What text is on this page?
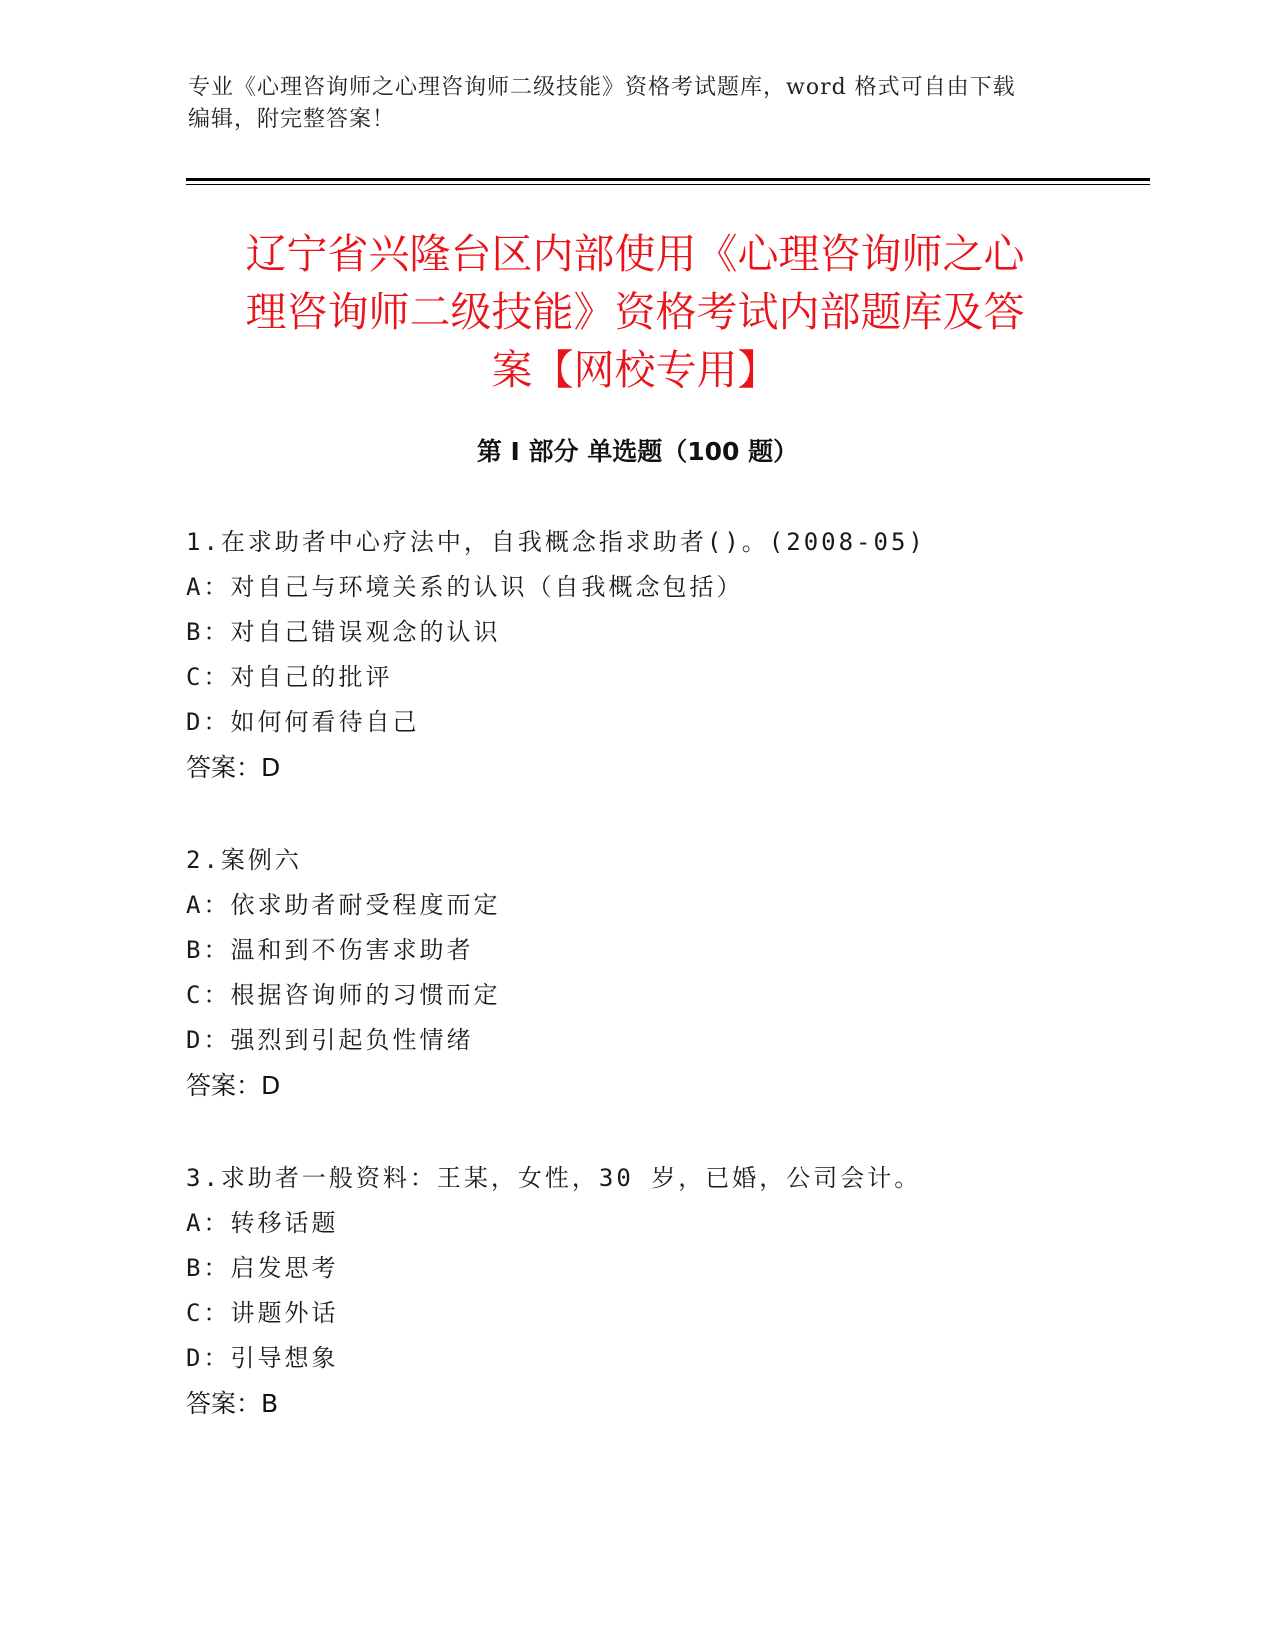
专业《心理咨询师之心理咨询师二级技能》资格考试题库，word 格式可自由下载
编辑，附完整答案！
辽宁省兴隆台区内部使用《心理咨询师之心
理咨询师二级技能》资格考试内部题库及答
案【网校专用】
第 I 部分 单选题（100 题）
1.在求助者中心疗法中，自我概念指求助者()。(2008-05)
A：对自己与环境关系的认识（自我概念包括）
B：对自己错误观念的认识
C：对自己的批评
D：如何何看待自己
答案：D
2.案例六
A：依求助者耐受程度而定
B：温和到不伤害求助者
C：根据咨询师的习惯而定
D：强烈到引起负性情绪
答案：D
3.求助者一般资料：王某，女性，30 岁，已婚，公司会计。
A：转移话题
B：启发思考
C：讲题外话
D：引导想象
答案：B
